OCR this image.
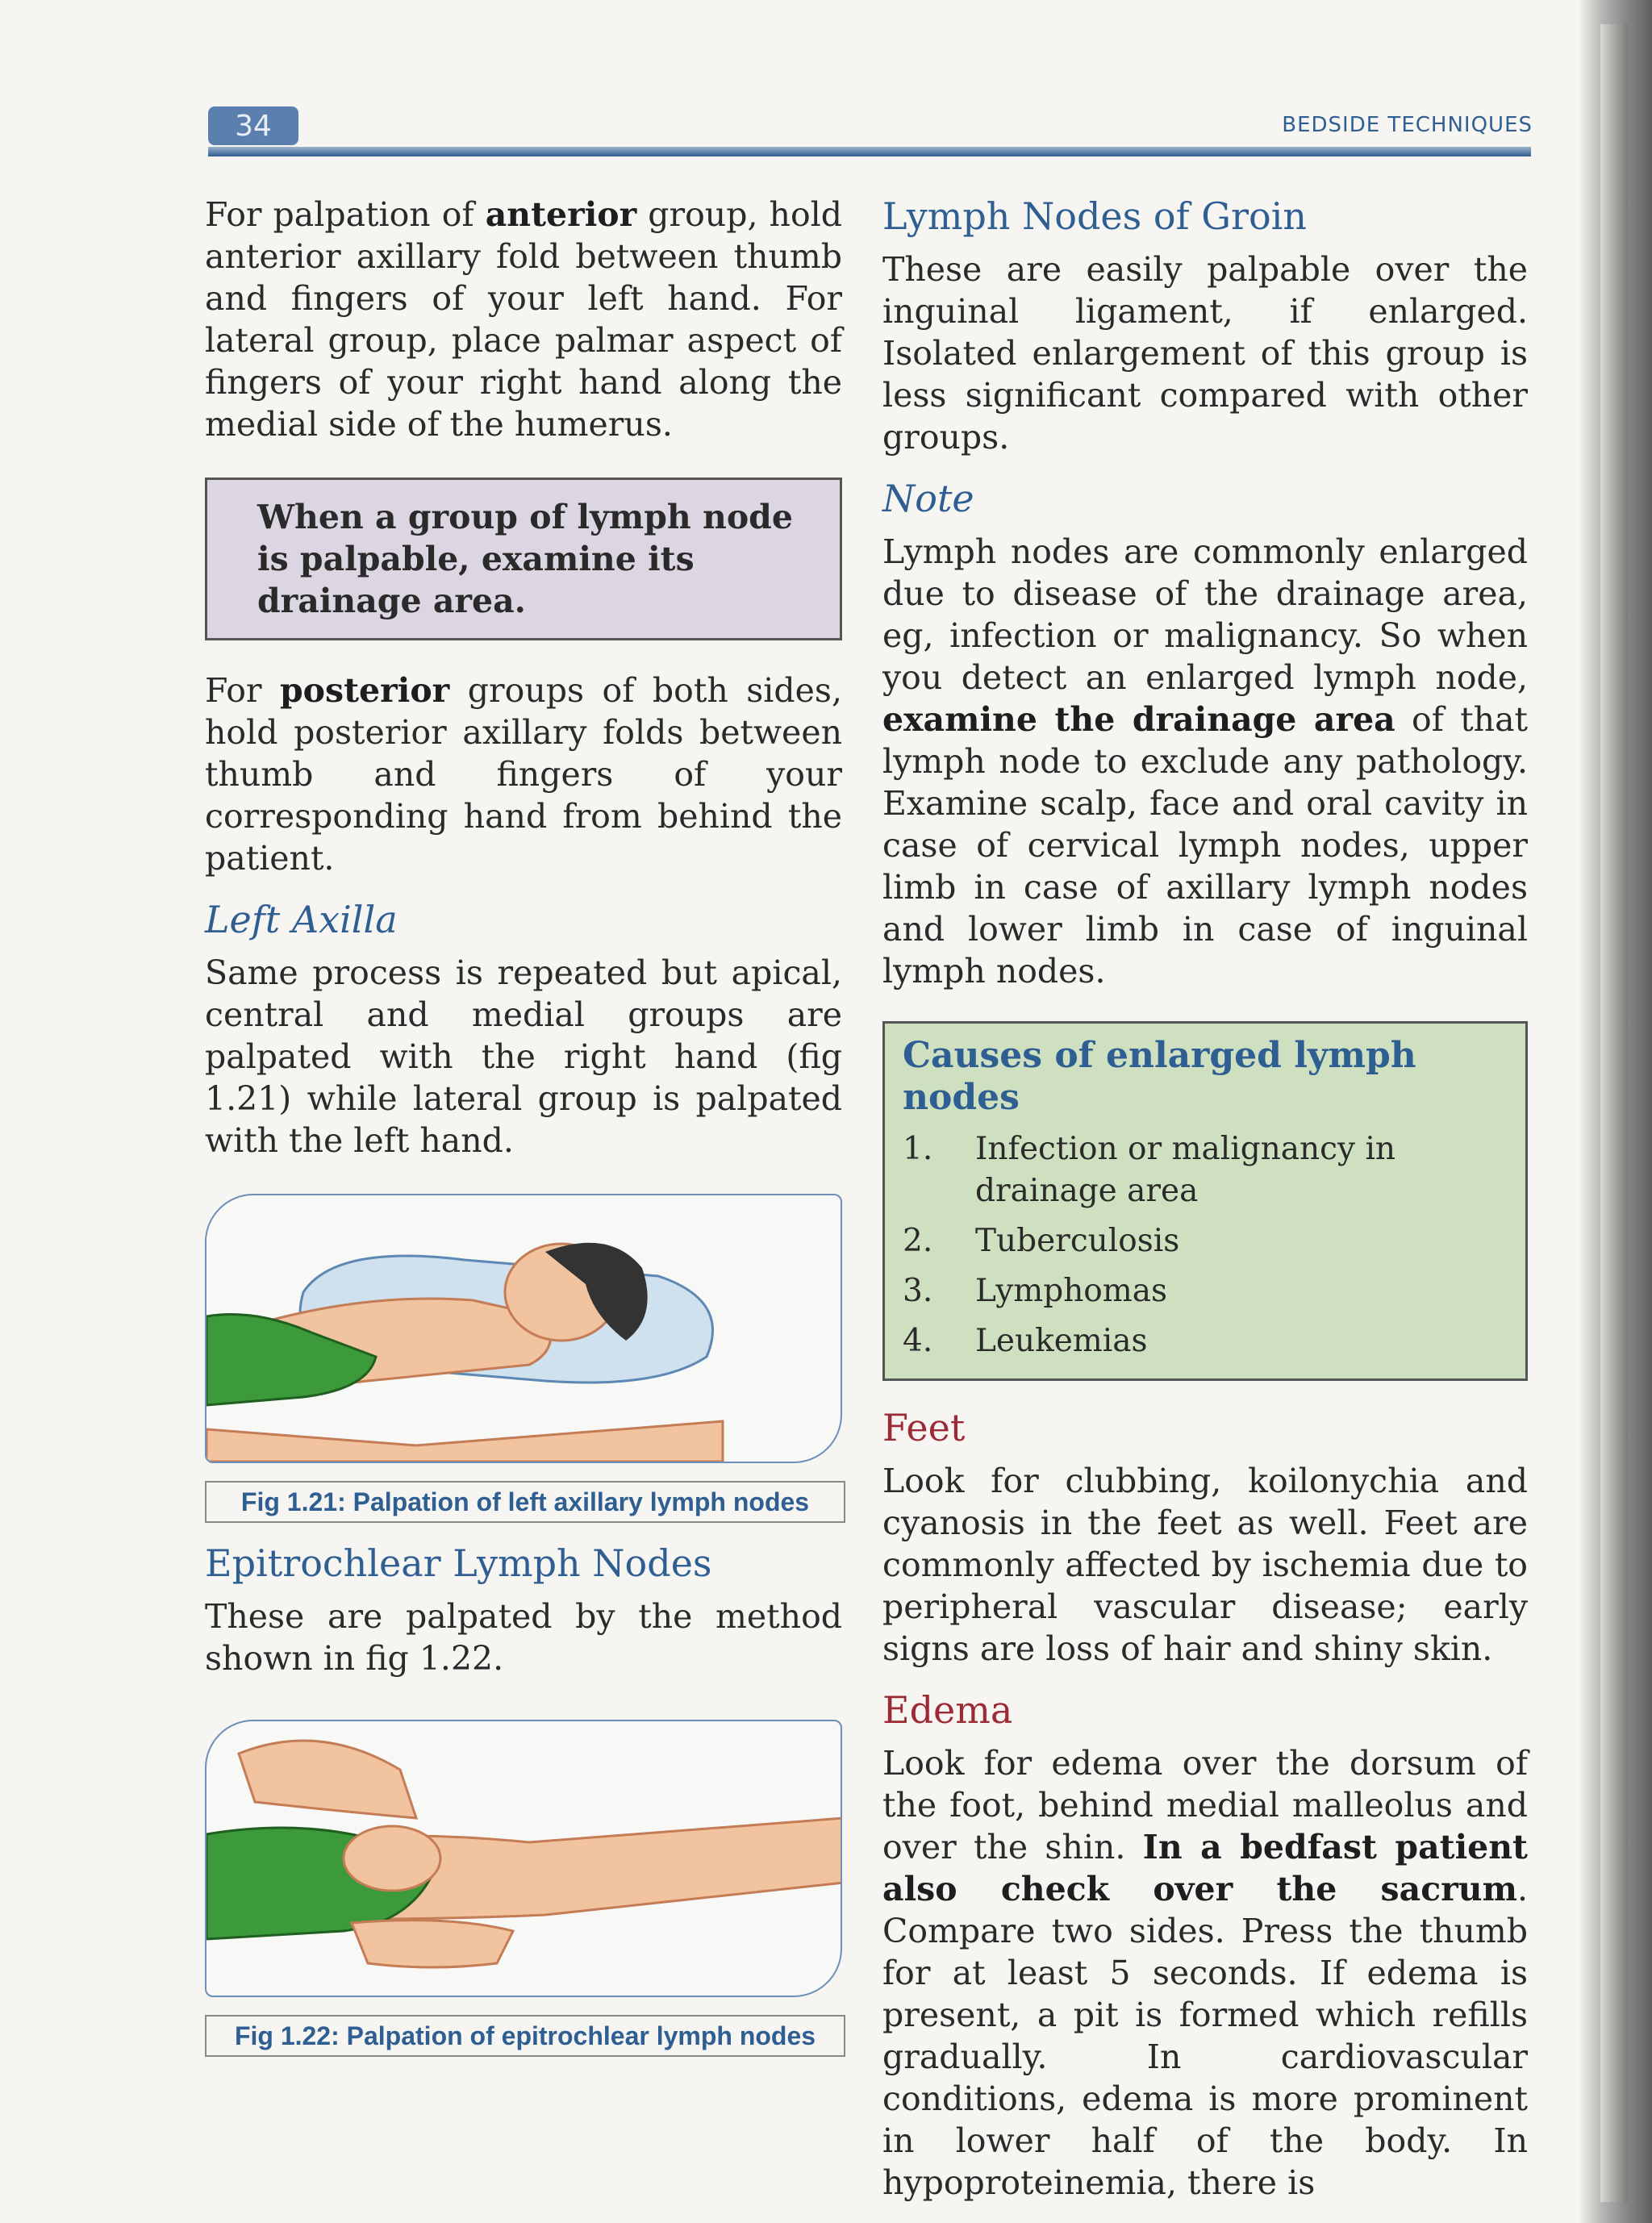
34	BEDSIDE TECHNIQUES

For palpation of anterior group, hold anterior axillary fold between thumb and fingers of your left hand. For lateral group, place palmar aspect of fingers of your right hand along the medial side of the humerus.

When a group of lymph node is palpable, examine its drainage area.

For posterior groups of both sides, hold posterior axillary folds between thumb and fingers of your corresponding hand from behind the patient.

Left Axilla

Same process is repeated but apical, central and medial groups are palpated with the right hand (fig 1.21) while lateral group is palpated with the left hand.

Fig 1.21: Palpation of left axillary lymph nodes
Epitrochlear Lymph Nodes

These are palpated by the method shown in fig 1.22.

Fig 1.22: Palpation of epitrochlear lymph nodes
Lymph Nodes of Groin

These are easily palpable over the inguinal ligament, if enlarged. Isolated enlargement of this group is less significant compared with other groups.

Note

Lymph nodes are commonly enlarged due to disease of the drainage area, eg, infection or malignancy. So when you detect an enlarged lymph node, examine the drainage area of that lymph node to exclude any pathology. Examine scalp, face and oral cavity in case of cervical lymph nodes, upper limb in case of axillary lymph nodes and lower limb in case of inguinal lymph nodes.

Causes of enlarged lymph nodes
1.	Infection or malignancy in drainage area
2.	Tuberculosis
3.	Lymphomas
4.	Leukemias
Feet

Look for clubbing, koilonychia and cyanosis in the feet as well. Feet are commonly affected by ischemia due to peripheral vascular disease; early signs are loss of hair and shiny skin.

Edema

Look for edema over the dorsum of the foot, behind medial malleolus and over the shin. In a bedfast patient also check over the sacrum. Compare two sides. Press the thumb for at least 5 seconds. If edema is present, a pit is formed which refills gradually. In cardiovascular conditions, edema is more prominent in lower half of the body. In hypoproteinemia, there is
